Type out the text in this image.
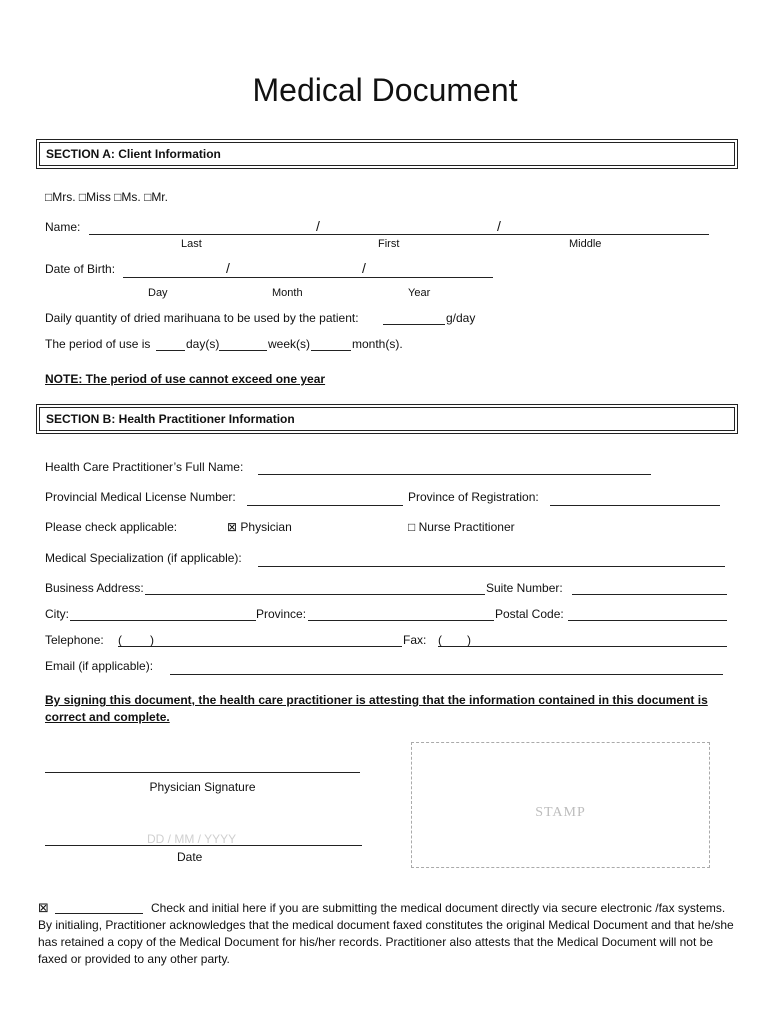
Medical Document
SECTION A: Client Information
□Mrs. □Miss □Ms. □Mr.
Name:	/	/
Last	First	Middle
Date of Birth:	/	/
Day	Month	Year
Daily quantity of dried marihuana to be used by the patient:	g/day
The period of use is	day(s)	week(s)	month(s).
NOTE: The period of use cannot exceed one year
SECTION B: Health Practitioner Information
Health Care Practitioner’s Full Name:
Provincial Medical License Number:	Province of Registration:
Please check applicable:	⊠ Physician	□ Nurse Practitioner
Medical Specialization (if applicable):
Business Address:	Suite Number:
City:	Province:	Postal Code:
Telephone: ( )	Fax: ( )
Email (if applicable):
By signing this document, the health care practitioner is attesting that the information contained in this document is correct and complete.
Physician Signature
DD / MM / YYYY
Date
STAMP
⊠	Check and initial here if you are submitting the medical document directly via secure electronic /fax systems. By initialing, Practitioner acknowledges that the medical document faxed constitutes the original Medical Document and that he/she has retained a copy of the Medical Document for his/her records. Practitioner also attests that the Medical Document will not be faxed or provided to any other party.
